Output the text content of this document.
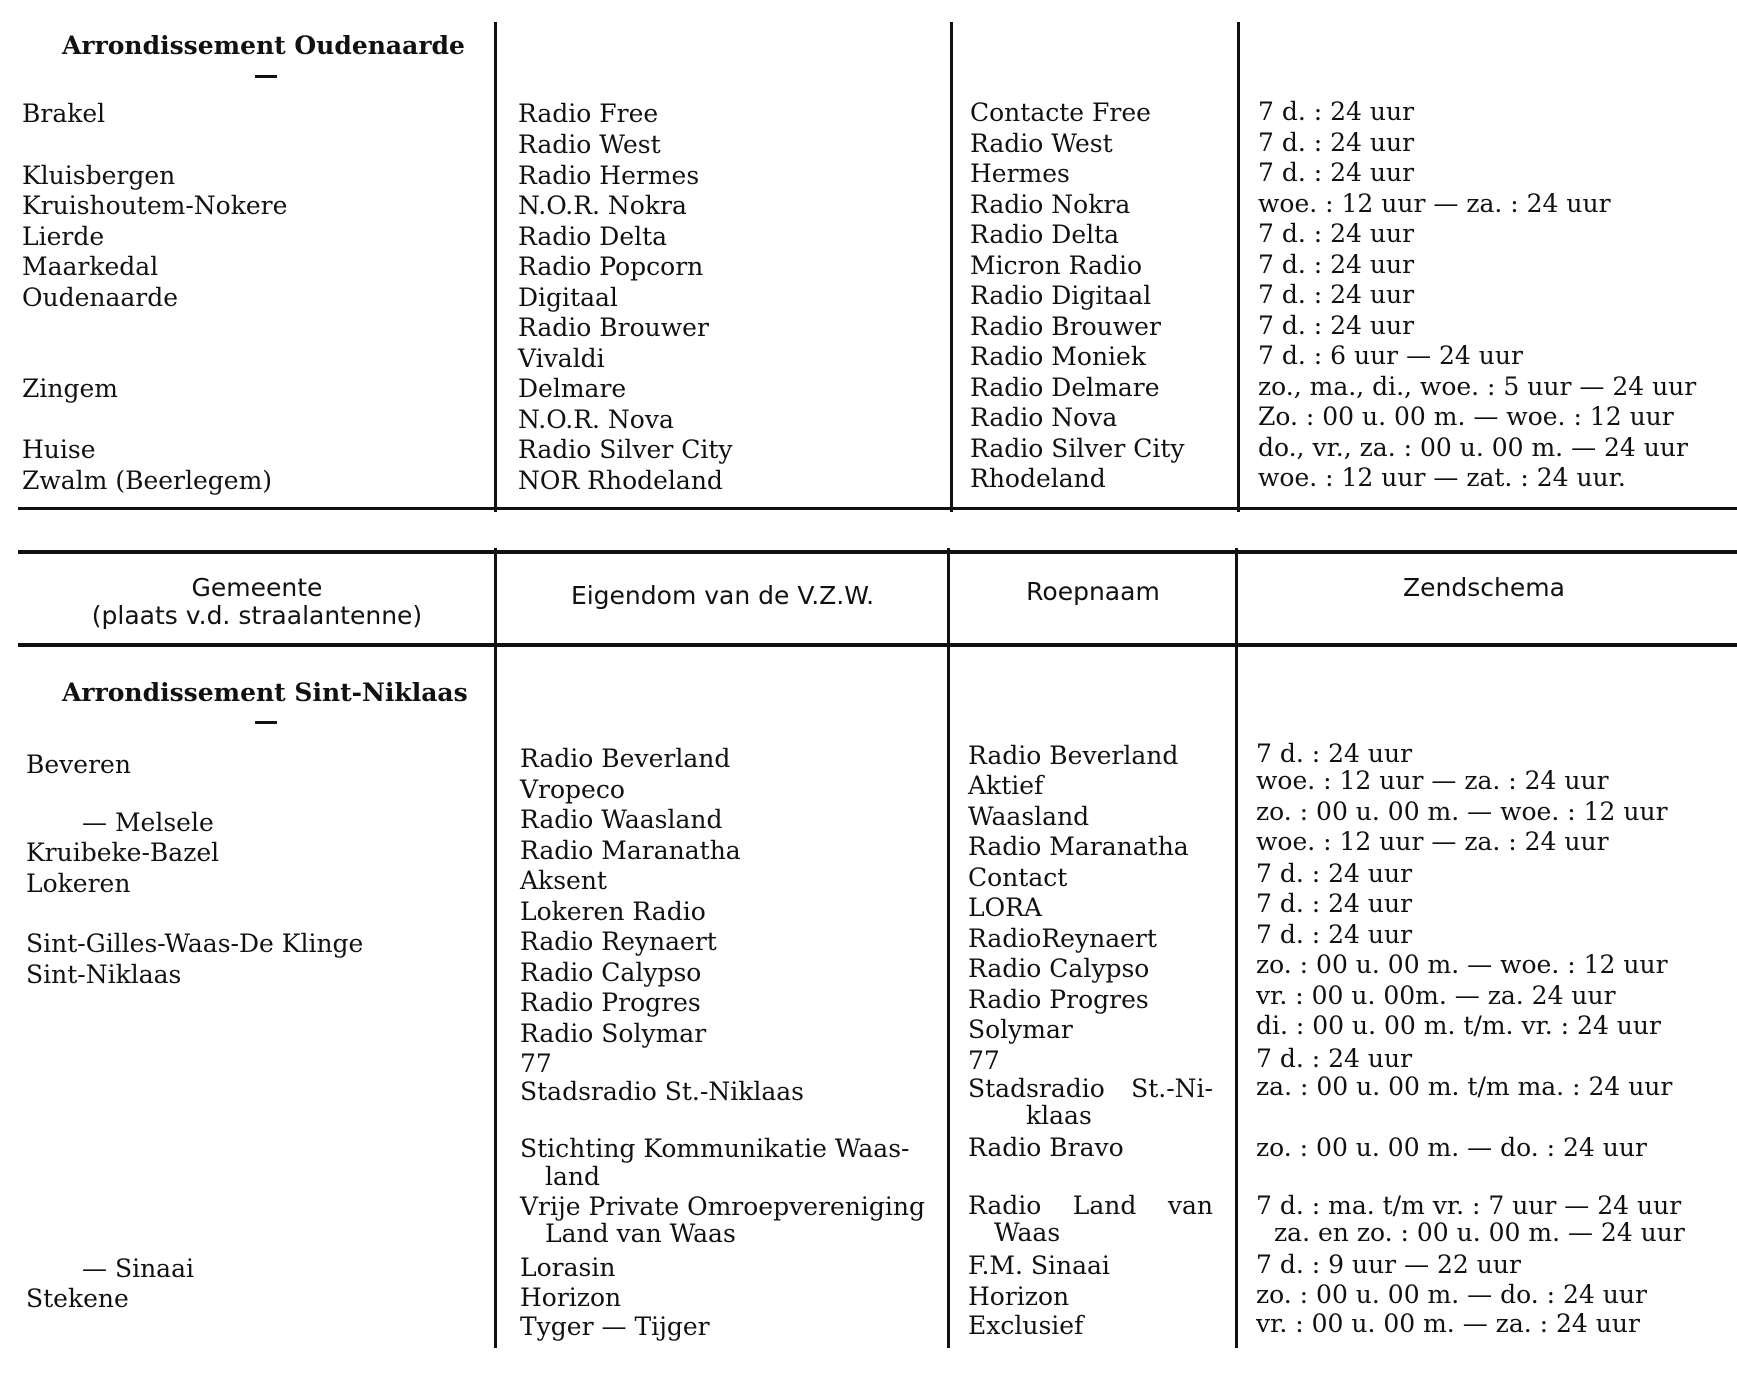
Arrondissement Oudenaarde
Brakel
Kluisbergen
Kruishoutem-Nokere
Lierde
Maarkedal
Oudenaarde
Zingem
Huise
Zwalm (Beerlegem)
Radio Free
Radio West
Radio Hermes
N.O.R. Nokra
Radio Delta
Radio Popcorn
Digitaal
Radio Brouwer
Vivaldi
Delmare
N.O.R. Nova
Radio Silver City
NOR Rhodeland
Contacte Free
Radio West
Hermes
Radio Nokra
Radio Delta
Micron Radio
Radio Digitaal
Radio Brouwer
Radio Moniek
Radio Delmare
Radio Nova
Radio Silver City
Rhodeland
7 d. : 24 uur
7 d. : 24 uur
7 d. : 24 uur
woe. : 12 uur — za. : 24 uur
7 d. : 24 uur
7 d. : 24 uur
7 d. : 24 uur
7 d. : 24 uur
7 d. : 6 uur — 24 uur
zo., ma., di., woe. : 5 uur — 24 uur
Zo. : 00 u. 00 m. — woe. : 12 uur
do., vr., za. : 00 u. 00 m. — 24 uur
woe. : 12 uur — zat. : 24 uur.
Gemeente
(plaats v.d. straalantenne)
Eigendom van de V.Z.W.	Roepnaam	Zendschema
Arrondissement Sint-Niklaas
Beveren
— Melsele
Kruibeke-Bazel
Lokeren
Sint-Gilles-Waas-De Klinge
Sint-Niklaas
— Sinaai
Stekene
Radio Beverland
Vropeco
Radio Waasland
Radio Maranatha
Aksent
Lokeren Radio
Radio Reynaert
Radio Calypso
Radio Progres
Radio Solymar
77
Stadsradio St.-Niklaas
Stichting Kommunikatie Waas-
land
Vrije Private Omroepvereniging
Land van Waas
Lorasin
Horizon
Tyger — Tijger
Radio Beverland
Aktief
Waasland
Radio Maranatha
Contact
LORA
RadioReynaert
Radio Calypso
Radio Progres
Solymar
77
Stadsradio St.-Ni-
klaas
Radio Bravo
Radio Land van
Waas
F.M. Sinaai
Horizon
Exclusief
7 d. : 24 uur
woe. : 12 uur — za. : 24 uur
zo. : 00 u. 00 m. — woe. : 12 uur
woe. : 12 uur — za. : 24 uur
7 d. : 24 uur
7 d. : 24 uur
7 d. : 24 uur
zo. : 00 u. 00 m. — woe. : 12 uur
vr. : 00 u. 00m. — za. 24 uur
di. : 00 u. 00 m. t/m. vr. : 24 uur
7 d. : 24 uur
za. : 00 u. 00 m. t/m ma. : 24 uur
zo. : 00 u. 00 m. — do. : 24 uur
7 d. : ma. t/m vr. : 7 uur — 24 uur
za. en zo. : 00 u. 00 m. — 24 uur
7 d. : 9 uur — 22 uur
zo. : 00 u. 00 m. — do. : 24 uur
vr. : 00 u. 00 m. — za. : 24 uur
